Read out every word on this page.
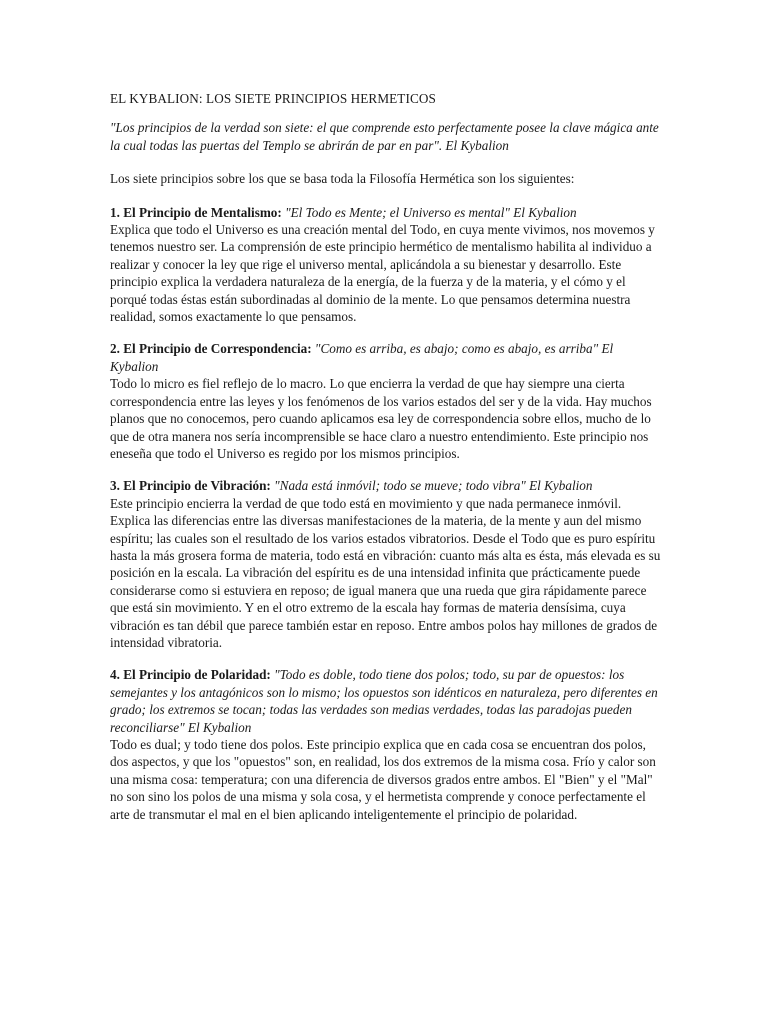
EL KYBALION: LOS SIETE PRINCIPIOS HERMETICOS

"Los principios de la verdad son siete: el que comprende esto perfectamente posee la clave mágica ante la cual todas las puertas del Templo se abrirán de par en par". El Kybalion

Los siete principios sobre los que se basa toda la Filosofía Hermética son los siguientes:

1. El Principio de Mentalismo: "El Todo es Mente; el Universo es mental" El Kybalion
Explica que todo el Universo es una creación mental del Todo, en cuya mente vivimos, nos movemos y tenemos nuestro ser. La comprensión de este principio hermético de mentalismo habilita al individuo a realizar y conocer la ley que rige el universo mental, aplicándola a su bienestar y desarrollo. Este principio explica la verdadera naturaleza de la energía, de la fuerza y de la materia, y el cómo y el porqué todas éstas están subordinadas al dominio de la mente. Lo que pensamos determina nuestra realidad, somos exactamente lo que pensamos.
2. El Principio de Correspondencia: "Como es arriba, es abajo; como es abajo, es arriba" El Kybalion
Todo lo micro es fiel reflejo de lo macro. Lo que encierra la verdad de que hay siempre una cierta correspondencia entre las leyes y los fenómenos de los varios estados del ser y de la vida. Hay muchos planos que no conocemos, pero cuando aplicamos esa ley de correspondencia sobre ellos, mucho de lo que de otra manera nos sería incomprensible se hace claro a nuestro entendimiento. Este principio nos eneseña que todo el Universo es regido por los mismos principios.
3. El Principio de Vibración: "Nada está inmóvil; todo se mueve; todo vibra" El Kybalion
Este principio encierra la verdad de que todo está en movimiento y que nada permanece inmóvil. Explica las diferencias entre las diversas manifestaciones de la materia, de la mente y aun del mismo espíritu; las cuales son el resultado de los varios estados vibratorios. Desde el Todo que es puro espíritu hasta la más grosera forma de materia, todo está en vibración: cuanto más alta es ésta, más elevada es su posición en la escala. La vibración del espíritu es de una intensidad infinita que prácticamente puede considerarse como si estuviera en reposo; de igual manera que una rueda que gira rápidamente parece que está sin movimiento. Y en el otro extremo de la escala hay formas de materia densísima, cuya vibración es tan débil que parece también estar en reposo. Entre ambos polos hay millones de grados de intensidad vibratoria.
4. El Principio de Polaridad: "Todo es doble, todo tiene dos polos; todo, su par de opuestos: los semejantes y los antagónicos son lo mismo; los opuestos son idénticos en naturaleza, pero diferentes en grado; los extremos se tocan; todas las verdades son medias verdades, todas las paradojas pueden reconciliarse" El Kybalion
Todo es dual; y todo tiene dos polos. Este principio explica que en cada cosa se encuentran dos polos, dos aspectos, y que los "opuestos" son, en realidad, los dos extremos de la misma cosa. Frío y calor son una misma cosa: temperatura; con una diferencia de diversos grados entre ambos. El "Bien" y el "Mal" no son sino los polos de una misma y sola cosa, y el hermetista comprende y conoce perfectamente el arte de transmutar el mal en el bien aplicando inteligentemente el principio de polaridad.
